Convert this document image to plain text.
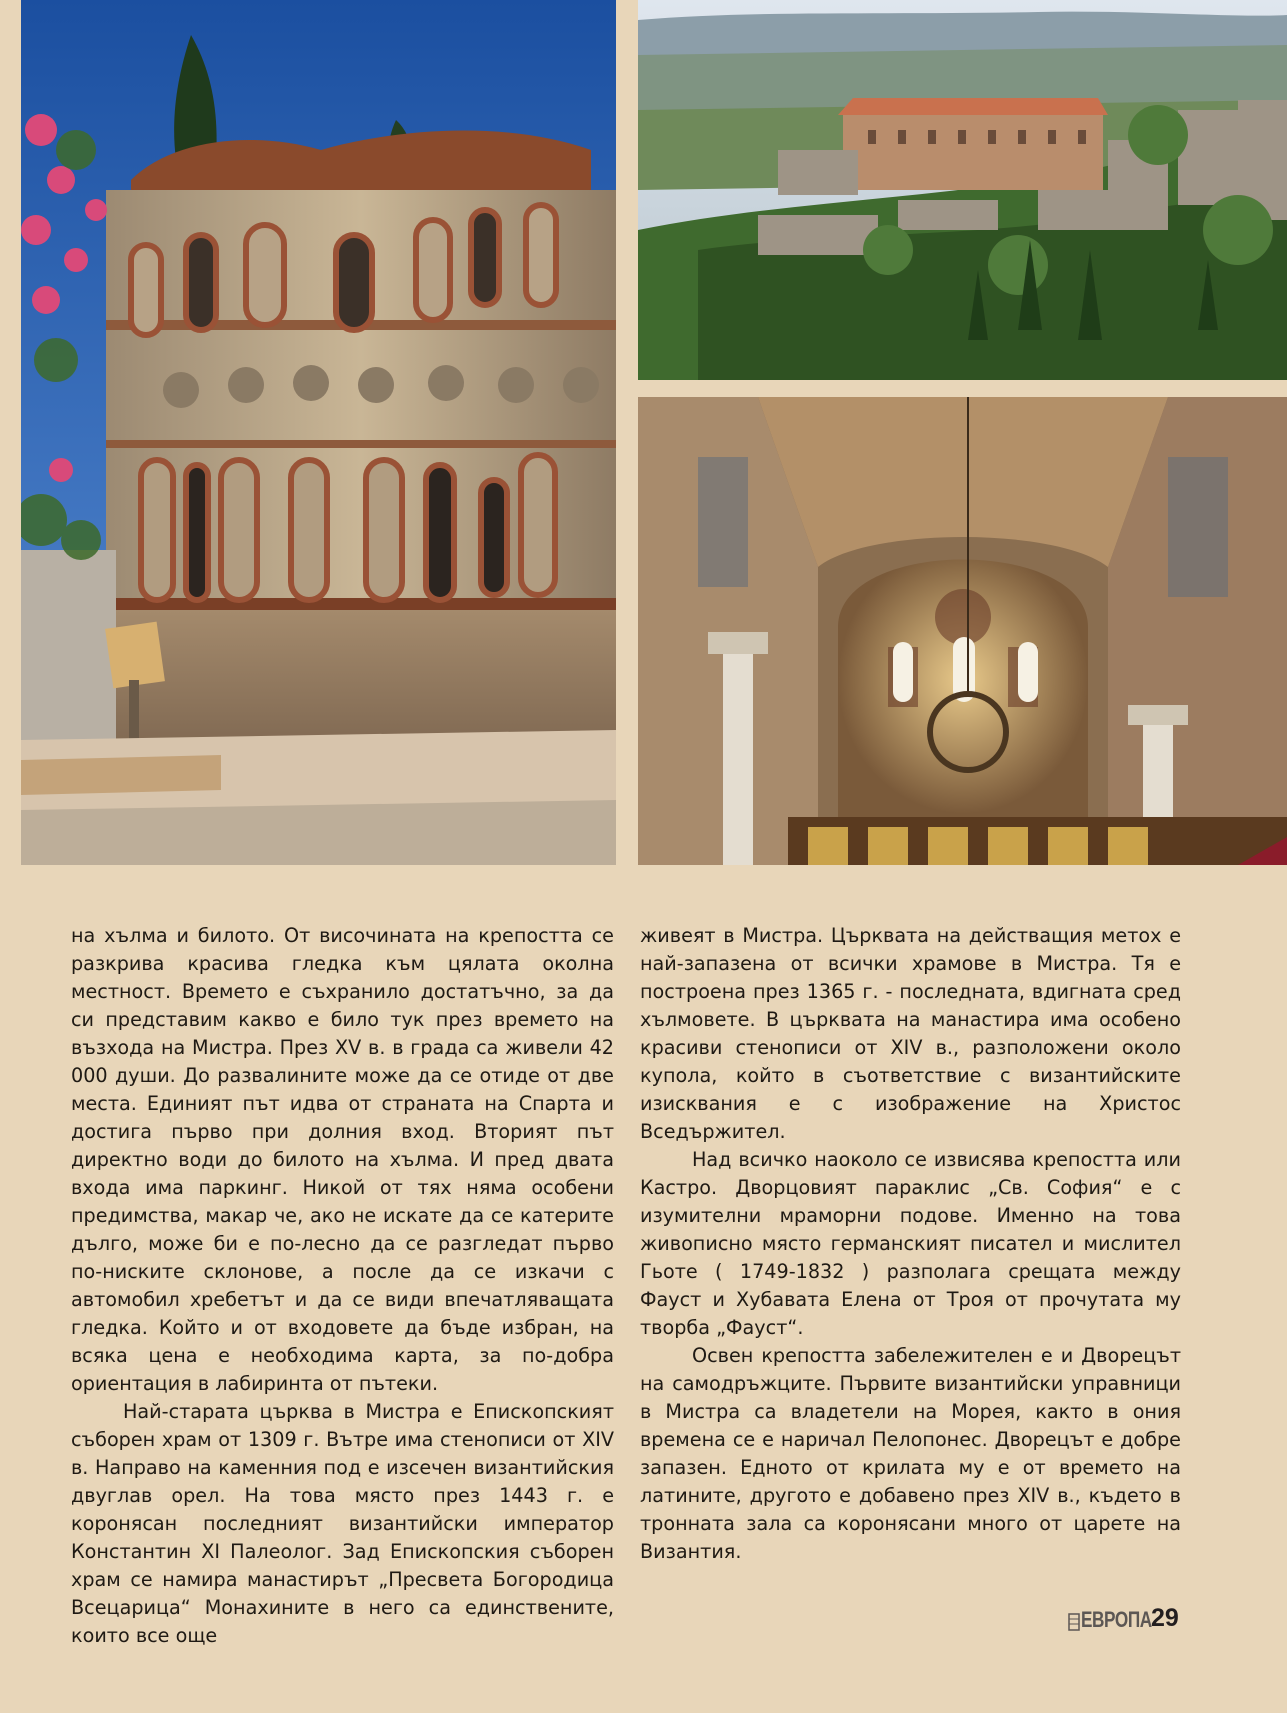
на хълма и билото. От височината на крепостта се разкрива красива гледка към цялата околна местност. Времето е съхранило достатъчно, за да си представим какво е било тук през времето на възхода на Мистра. През XV в. в града са живели 42 000 души. До развалините може да се отиде от две места. Единият път идва от страната на Спарта и достига първо при долния вход. Вторият път директно води до билото на хълма. И пред двата входа има паркинг. Никой от тях няма особени предимства, макар че, ако не искате да се катерите дълго, може би е по-лесно да се разгледат първо по-ниските склонове, а после да се изкачи с автомобил хребетът и да се види впечатляващата гледка. Който и от входовете да бъде избран, на всяка цена е необходима карта, за по-добра ориентация в лабиринта от пътеки.

Най-старата църква в Мистра е Епископският съборен храм от 1309 г. Вътре има стенописи от XIV в. Направо на каменния под е изсечен византийския двуглав орел. На това място през 1443 г. е коронясан последният византийски император Константин XI Палеолог. Зад Епископския съборен храм се намира манастирът „Пресвета Богородица Всецарица“ Монахините в него са единствените, които все още

живеят в Мистра. Църквата на действащия метох е най-запазена от всички храмове в Мистра. Тя е построена през 1365 г. - последната, вдигната сред хълмовете. В църквата на манастира има особено красиви стенописи от XIV в., разположени около купола, който в съответствие с византийските изисквания е с изображение на Христос Вседържител.

Над всичко наоколо се извисява крепостта или Кастро. Дворцовият параклис „Св. София“ е с изумителни мраморни подове. Именно на това живописно място германският писател и мислител Гьоте ( 1749-1832 ) разполага срещата между Фауст и Хубавата Елена от Троя от прочутата му творба „Фауст“.

Освен крепостта забележителен е и Дворецът на самодръжците. Първите византийски управници в Мистра са владетели на Морея, както в ония времена се е наричал Пелопонес. Дворецът е добре запазен. Едното от крилата му е от времето на латините, другото е добавено през XIV в., където в тронната зала са коронясани много от царете на Византия.

ЕВРОПА 29
